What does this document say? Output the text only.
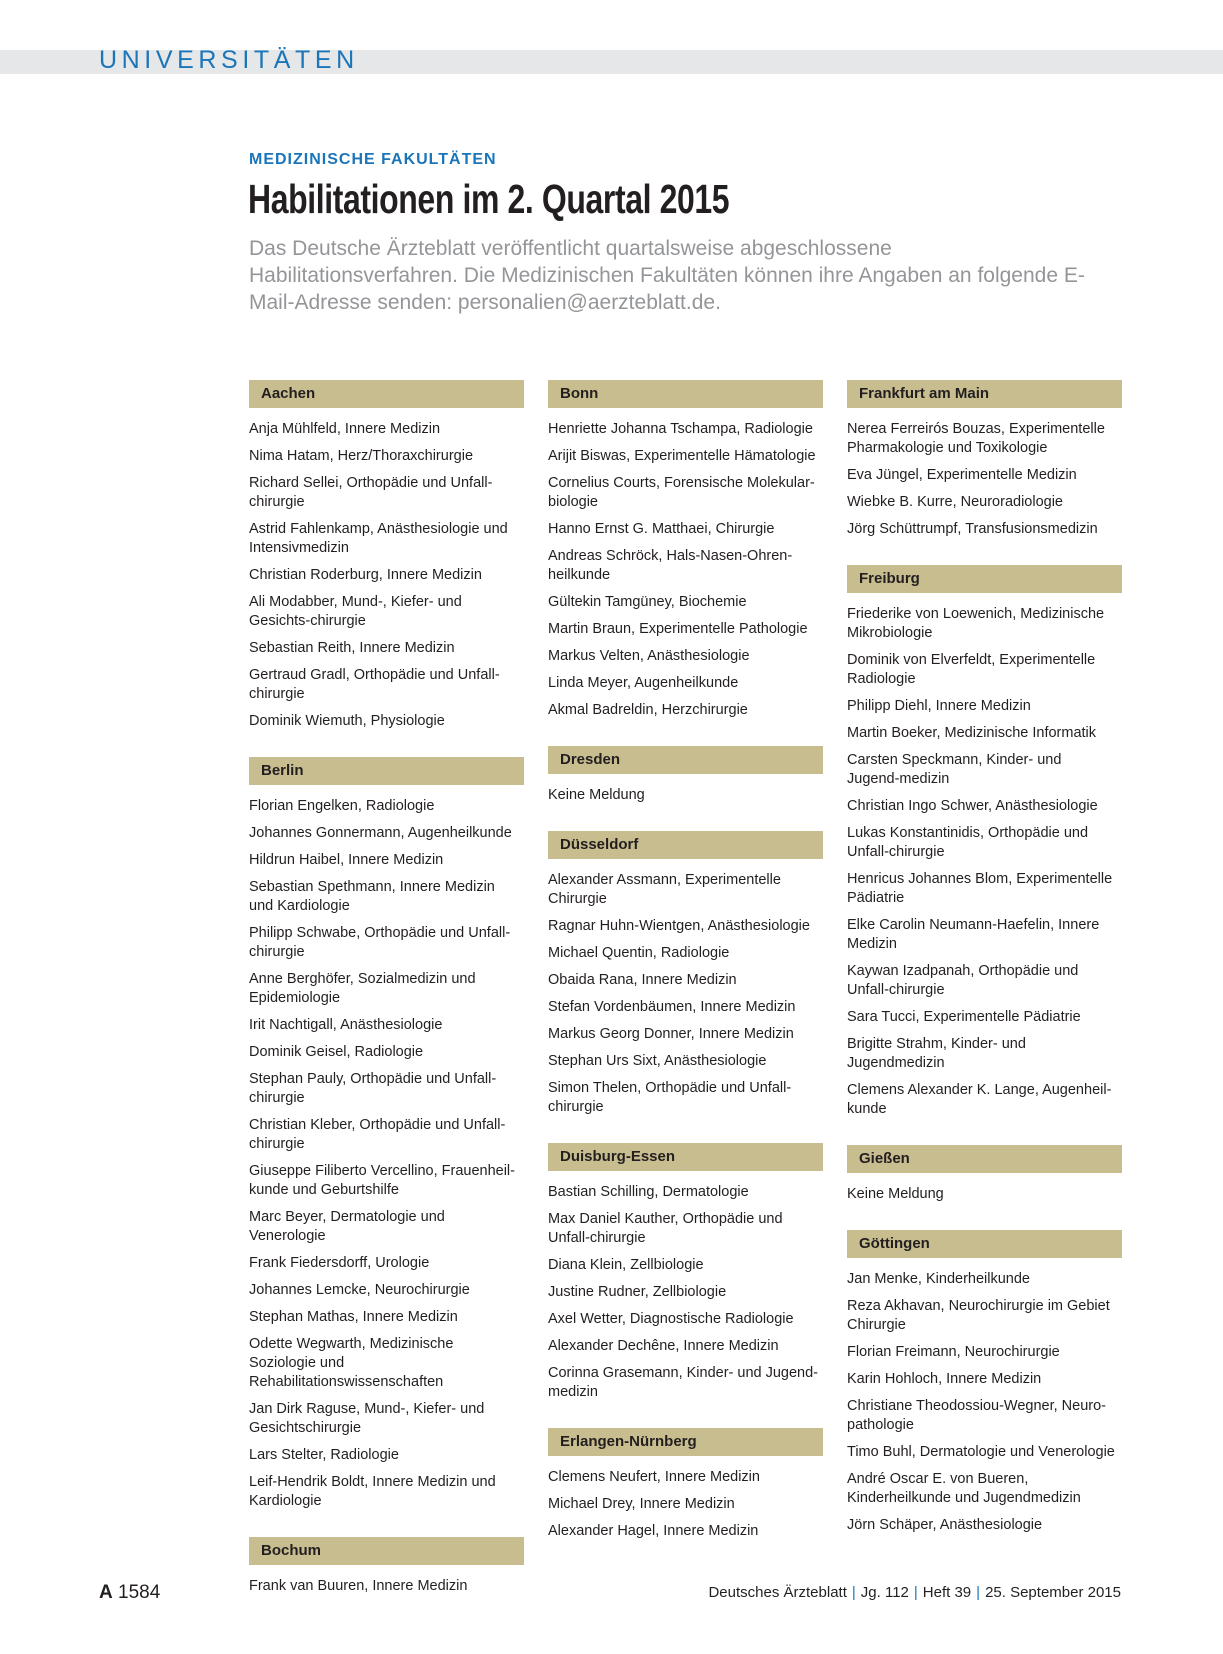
UNIVERSITÄTEN
MEDIZINISCHE FAKULTÄTEN
Habilitationen im 2. Quartal 2015
Das Deutsche Ärzteblatt veröffentlicht quartalsweise abgeschlossene Habilitationsverfahren. Die Medizinischen Fakultäten können ihre Angaben an folgende E-Mail-Adresse senden: personalien@aerzteblatt.de.
Aachen
Anja Mühlfeld, Innere Medizin
Nima Hatam, Herz/Thoraxchirurgie
Richard Sellei, Orthopädie und Unfall-chirurgie
Astrid Fahlenkamp, Anästhesiologie und Intensivmedizin
Christian Roderburg, Innere Medizin
Ali Modabber, Mund-, Kiefer- und Gesichts-chirurgie
Sebastian Reith, Innere Medizin
Gertraud Gradl, Orthopädie und Unfall-chirurgie
Dominik Wiemuth, Physiologie
Berlin
Florian Engelken, Radiologie
Johannes Gonnermann, Augenheilkunde
Hildrun Haibel, Innere Medizin
Sebastian Spethmann, Innere Medizin und Kardiologie
Philipp Schwabe, Orthopädie und Unfall-chirurgie
Anne Berghöfer, Sozialmedizin und Epidemiologie
Irit Nachtigall, Anästhesiologie
Dominik Geisel, Radiologie
Stephan Pauly, Orthopädie und Unfall-chirurgie
Christian Kleber, Orthopädie und Unfall-chirurgie
Giuseppe Filiberto Vercellino, Frauenheil-kunde und Geburtshilfe
Marc Beyer, Dermatologie und Venerologie
Frank Fiedersdorff, Urologie
Johannes Lemcke, Neurochirurgie
Stephan Mathas, Innere Medizin
Odette Wegwarth, Medizinische Soziologie und Rehabilitationswissenschaften
Jan Dirk Raguse, Mund-, Kiefer- und Gesichtschirurgie
Lars Stelter, Radiologie
Leif-Hendrik Boldt, Innere Medizin und Kardiologie
Bochum
Frank van Buuren, Innere Medizin
Bonn
Henriette Johanna Tschampa, Radiologie
Arijit Biswas, Experimentelle Hämatologie
Cornelius Courts, Forensische Molekular-biologie
Hanno Ernst G. Matthaei, Chirurgie
Andreas Schröck, Hals-Nasen-Ohren-heilkunde
Gültekin Tamgüney, Biochemie
Martin Braun, Experimentelle Pathologie
Markus Velten, Anästhesiologie
Linda Meyer, Augenheilkunde
Akmal Badreldin, Herzchirurgie
Dresden
Keine Meldung
Düsseldorf
Alexander Assmann, Experimentelle Chirurgie
Ragnar Huhn-Wientgen, Anästhesiologie
Michael Quentin, Radiologie
Obaida Rana, Innere Medizin
Stefan Vordenbäumen, Innere Medizin
Markus Georg Donner, Innere Medizin
Stephan Urs Sixt, Anästhesiologie
Simon Thelen, Orthopädie und Unfall-chirurgie
Duisburg-Essen
Bastian Schilling, Dermatologie
Max Daniel Kauther, Orthopädie und Unfall-chirurgie
Diana Klein, Zellbiologie
Justine Rudner, Zellbiologie
Axel Wetter, Diagnostische Radiologie
Alexander Dechêne, Innere Medizin
Corinna Grasemann, Kinder- und Jugend-medizin
Erlangen-Nürnberg
Clemens Neufert, Innere Medizin
Michael Drey, Innere Medizin
Alexander Hagel, Innere Medizin
Frankfurt am Main
Nerea Ferreirós Bouzas, Experimentelle Pharmakologie und Toxikologie
Eva Jüngel, Experimentelle Medizin
Wiebke B. Kurre, Neuroradiologie
Jörg Schüttrumpf, Transfusionsmedizin
Freiburg
Friederike von Loewenich, Medizinische Mikrobiologie
Dominik von Elverfeldt, Experimentelle Radiologie
Philipp Diehl, Innere Medizin
Martin Boeker, Medizinische Informatik
Carsten Speckmann, Kinder- und Jugend-medizin
Christian Ingo Schwer, Anästhesiologie
Lukas Konstantinidis, Orthopädie und Unfall-chirurgie
Henricus Johannes Blom, Experimentelle Pädiatrie
Elke Carolin Neumann-Haefelin, Innere Medizin
Kaywan Izadpanah, Orthopädie und Unfall-chirurgie
Sara Tucci, Experimentelle Pädiatrie
Brigitte Strahm, Kinder- und Jugendmedizin
Clemens Alexander K. Lange, Augenheil-kunde
Gießen
Keine Meldung
Göttingen
Jan Menke, Kinderheilkunde
Reza Akhavan, Neurochirurgie im Gebiet Chirurgie
Florian Freimann, Neurochirurgie
Karin Hohloch, Innere Medizin
Christiane Theodossiou-Wegner, Neuro-pathologie
Timo Buhl, Dermatologie und Venerologie
André Oscar E. von Bueren, Kinderheilkunde und Jugendmedizin
Jörn Schäper, Anästhesiologie
A 1584	Deutsches Ärzteblatt | Jg. 112 | Heft 39 | 25. September 2015
